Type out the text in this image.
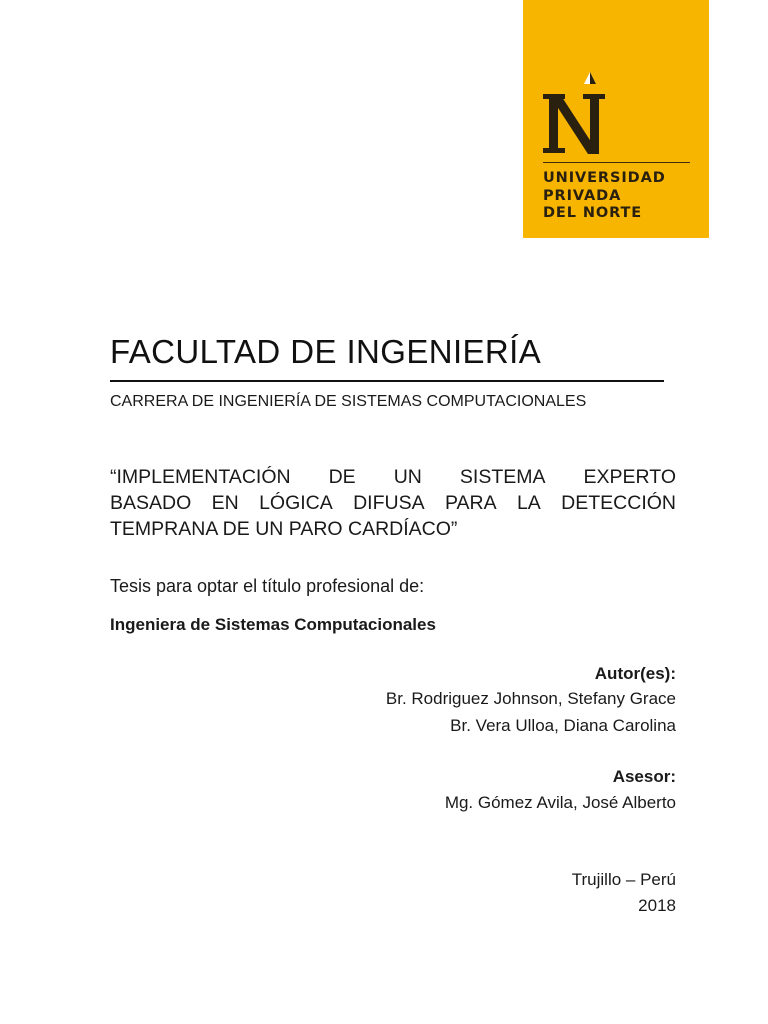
UNIVERSIDAD
PRIVADA
DEL NORTE
FACULTAD DE INGENIERÍA
CARRERA DE INGENIERÍA DE SISTEMAS COMPUTACIONALES
“IMPLEMENTACIÓN DE UN SISTEMA EXPERTO
BASADO EN LÓGICA DIFUSA PARA LA DETECCIÓN
TEMPRANA DE UN PARO CARDÍACO”
Tesis para optar el título profesional de:
Ingeniera de Sistemas Computacionales
Autor(es):
Br. Rodriguez Johnson, Stefany Grace
Br. Vera Ulloa, Diana Carolina
Asesor:
Mg. Gómez Avila, José Alberto
Trujillo – Perú
2018
